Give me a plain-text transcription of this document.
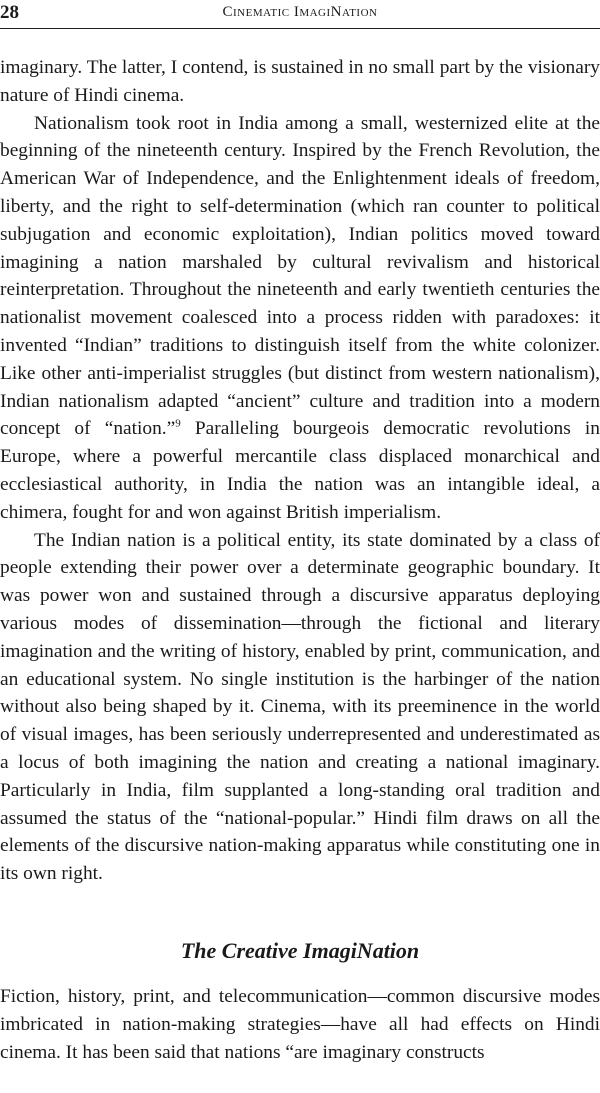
28	Cinematic ImagiNation

imaginary. The latter, I contend, is sustained in no small part by the visionary nature of Hindi cinema.

Nationalism took root in India among a small, westernized elite at the beginning of the nineteenth century. Inspired by the French Revolution, the American War of Independence, and the Enlightenment ideals of freedom, liberty, and the right to self-determination (which ran counter to political subjugation and economic exploitation), Indian politics moved toward imagining a nation marshaled by cultural revivalism and historical reinterpretation. Throughout the nineteenth and early twentieth centuries the nationalist movement coalesced into a process ridden with paradoxes: it invented “Indian” traditions to distinguish itself from the white colonizer. Like other anti-imperialist struggles (but distinct from western nationalism), Indian nationalism adapted “ancient” culture and tradition into a modern concept of “nation.”$^9$ Paralleling bourgeois democratic revolutions in Europe, where a powerful mercantile class displaced monarchical and ecclesiastical authority, in India the nation was an intangible ideal, a chimera, fought for and won against British imperialism.

The Indian nation is a political entity, its state dominated by a class of people extending their power over a determinate geographic boundary. It was power won and sustained through a discursive apparatus deploying various modes of dissemination—through the fictional and literary imagination and the writing of history, enabled by print, communication, and an educational system. No single institution is the harbinger of the nation without also being shaped by it. Cinema, with its preeminence in the world of visual images, has been seriously underrepresented and underestimated as a locus of both imagining the nation and creating a national imaginary. Particularly in India, film supplanted a long-standing oral tradition and assumed the status of the “national-popular.” Hindi film draws on all the elements of the discursive nation-making apparatus while constituting one in its own right.

The Creative ImagiNation

Fiction, history, print, and telecommunication—common discursive modes imbricated in nation-making strategies—have all had effects on Hindi cinema. It has been said that nations “are imaginary constructs
